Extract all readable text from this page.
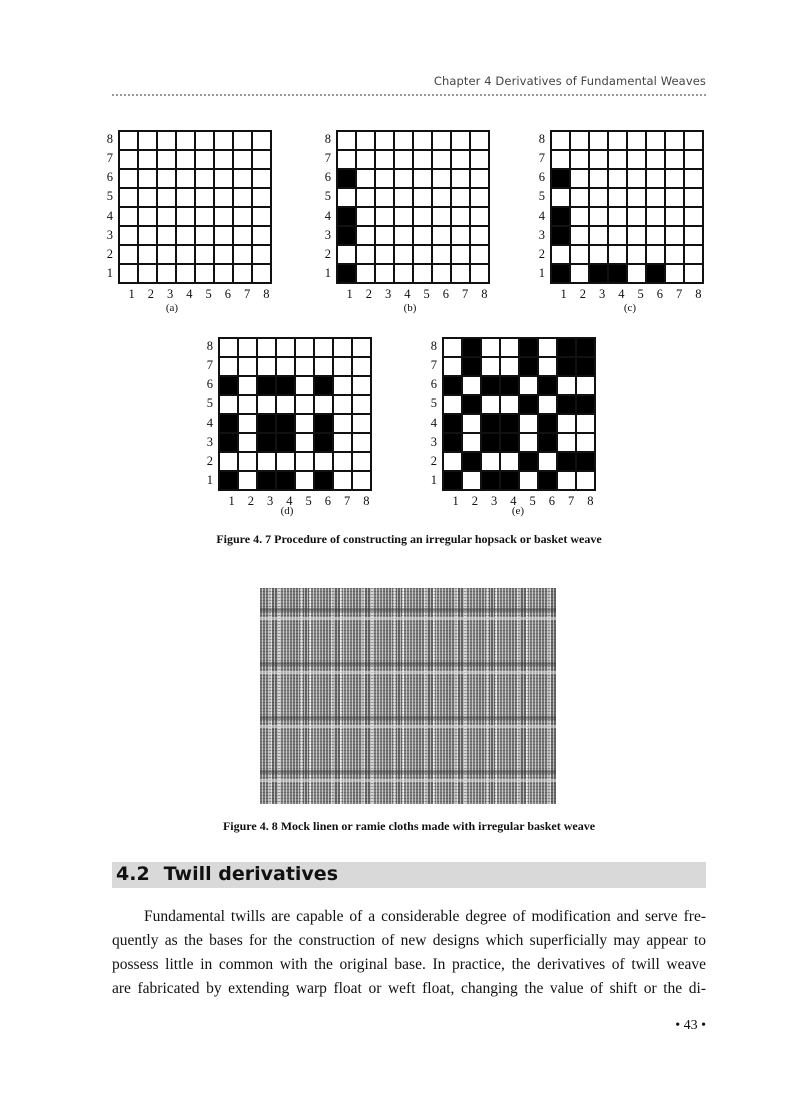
Chapter 4 Derivatives of Fundamental Weaves
8
7
6
5
4
3
2
1
1 2 3 4 5 6 7 8
(a)
8
7
6
5
4
3
2
1
1 2 3 4 5 6 7 8
(b)
8
7
6
5
4
3
2
1
1 2 3 4 5 6 7 8
(c)
8
7
6
5
4
3
2
1
1 2 3 4 5 6 7 8
(d)
8
7
6
5
4
3
2
1
1 2 3 4 5 6 7 8
(e)
Figure 4. 7 Procedure of constructing an irregular hopsack or basket weave
Figure 4. 8 Mock linen or ramie cloths made with irregular basket weave
4.2 Twill derivatives
Fundamental twills are capable of a considerable degree of modification and serve fre-
quently as the bases for the construction of new designs which superficially may appear to
possess little in common with the original base. In practice, the derivatives of twill weave
are fabricated by extending warp float or weft float, changing the value of shift or the di-
• 43 •
